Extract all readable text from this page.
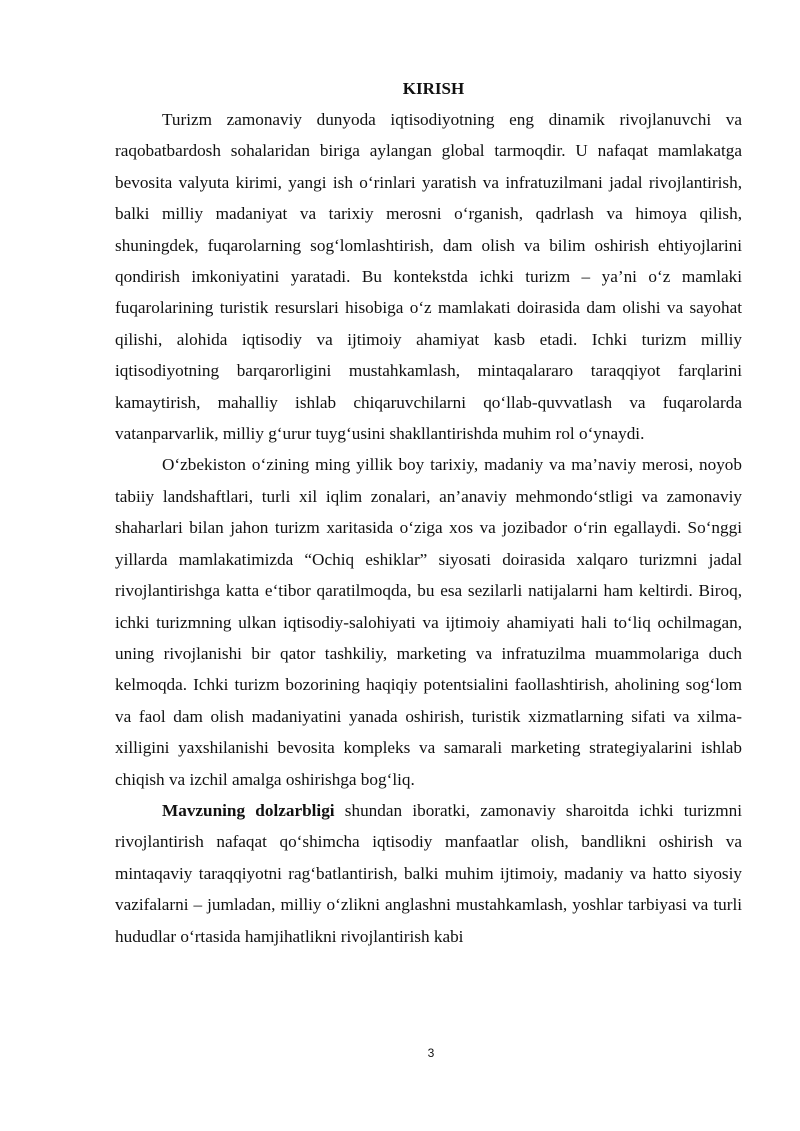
KIRISH

Turizm zamonaviy dunyoda iqtisodiyotning eng dinamik rivojlanuvchi va raqobatbardosh sohalaridan biriga aylangan global tarmoqdir. U nafaqat mamlakatga bevosita valyuta kirimi, yangi ish o‘rinlari yaratish va infratuzilmani jadal rivojlantirish, balki milliy madaniyat va tarixiy merosni o‘rganish, qadrlash va himoya qilish, shuningdek, fuqarolarning sog‘lomlashtirish, dam olish va bilim oshirish ehtiyojlarini qondirish imkoniyatini yaratadi. Bu kontekstda ichki turizm – ya’ni o‘z mamlaki fuqarolarining turistik resurslari hisobiga o‘z mamlakati doirasida dam olishi va sayohat qilishi, alohida iqtisodiy va ijtimoiy ahamiyat kasb etadi. Ichki turizm milliy iqtisodiyotning barqarorligini mustahkamlash, mintaqalararo taraqqiyot farqlarini kamaytirish, mahalliy ishlab chiqaruvchilarni qo‘llab-quvvatlash va fuqarolarda vatanparvarlik, milliy g‘urur tuyg‘usini shakllantirishda muhim rol o‘ynaydi.

O‘zbekiston o‘zining ming yillik boy tarixiy, madaniy va ma’naviy merosi, noyob tabiiy landshaftlari, turli xil iqlim zonalari, an’anaviy mehmondo‘stligi va zamonaviy shaharlari bilan jahon turizm xaritasida o‘ziga xos va jozibador o‘rin egallaydi. So‘nggi yillarda mamlakatimizda “Ochiq eshiklar” siyosati doirasida xalqaro turizmni jadal rivojlantirishga katta e‘tibor qaratilmoqda, bu esa sezilarli natijalarni ham keltirdi. Biroq, ichki turizmning ulkan iqtisodiy-salohiyati va ijtimoiy ahamiyati hali to‘liq ochilmagan, uning rivojlanishi bir qator tashkiliy, marketing va infratuzilma muammolariga duch kelmoqda. Ichki turizm bozorining haqiqiy potentsialini faollashtirish, aholining sog‘lom va faol dam olish madaniyatini yanada oshirish, turistik xizmatlarning sifati va xilma-xilligini yaxshilanishi bevosita kompleks va samarali marketing strategiyalarini ishlab chiqish va izchil amalga oshirishga bog‘liq.

Mavzuning dolzarbligi shundan iboratki, zamonaviy sharoitda ichki turizmni rivojlantirish nafaqat qo‘shimcha iqtisodiy manfaatlar olish, bandlikni oshirish va mintaqaviy taraqqiyotni rag‘batlantirish, balki muhim ijtimoiy, madaniy va hatto siyosiy vazifalarni – jumladan, milliy o‘zlikni anglashni mustahkamlash, yoshlar tarbiyasi va turli hududlar o‘rtasida hamjihatlikni rivojlantirish kabi

3
